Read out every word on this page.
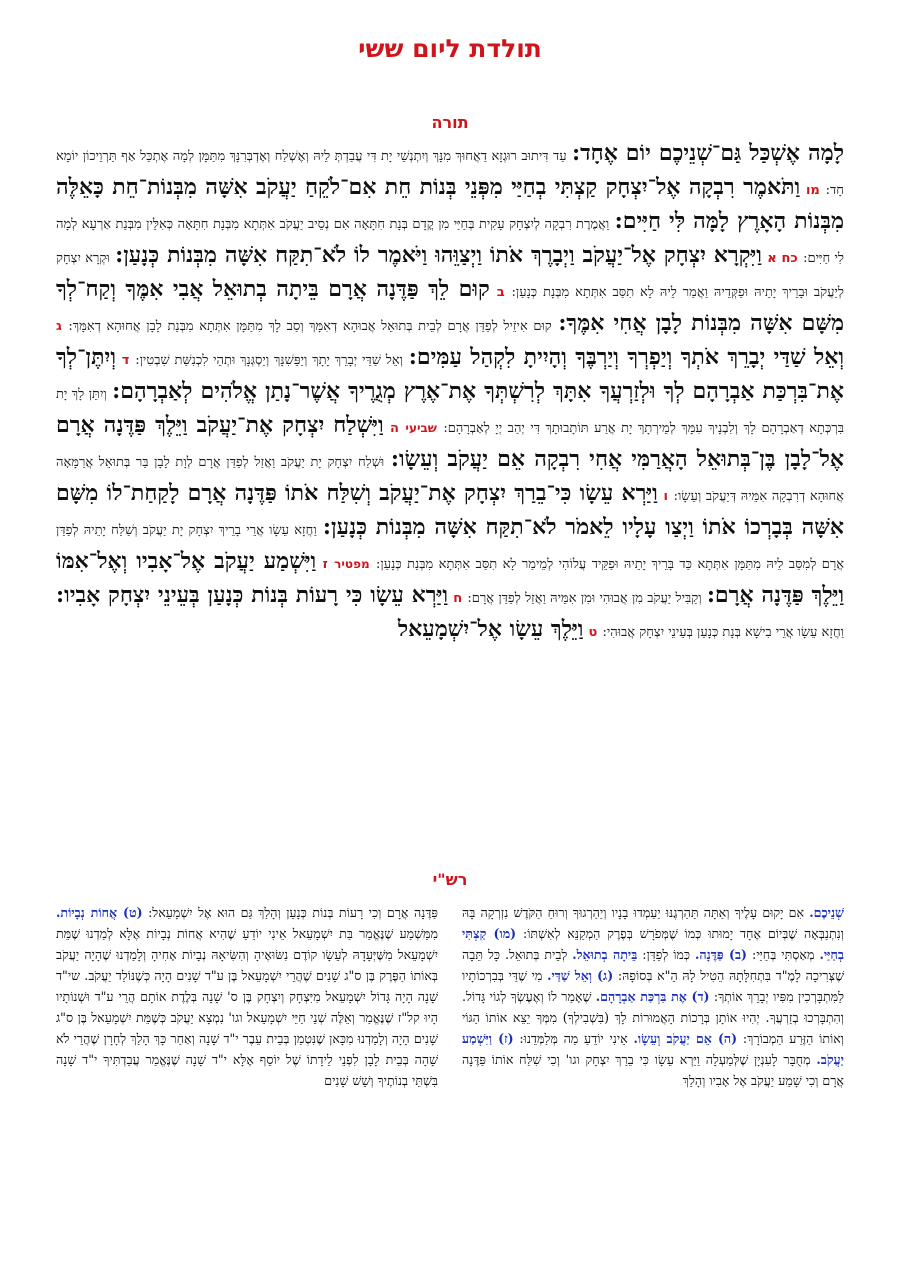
תולדת ליום ששי
תורה

לָמָה אֶשְׁכַּל גַּם־שְׁנֵיכֶם יוֹם אֶחָד: עַד דִּיתוּב רוּגְזָא דַאֲחוּךְ מִנָּךְ וְיִתְנְשֵׁי יָת דִּי עֲבַדְתְּ לֵיהּ וְאֶשְׁלַח וְאֶדְבְּרִנָּךְ מִתַּמָּן לְמָה אֶתְכַּל אַף תַּרְוֵיכוֹן יוֹמָא חָד: מו וַתֹּאמֶר רִבְקָה אֶל־יִצְחָק קַצְתִּי בְחַיַּי מִפְּנֵי בְּנוֹת חֵת אִם־לֹקֵחַ יַעֲקֹב אִשָּׁה מִבְּנוֹת־חֵת כָּאֵלֶּה מִבְּנוֹת הָאָרֶץ לָמָּה לִּי חַיִּים: וַאֲמֶרֶת רִבְקָה לְיִצְחָק עָקִית בְּחַיַּי מִן קֳדָם בְּנָת חִתָּאָה אִם נְסֵיב יַעֲקֹב אִתְּתָא מִבְּנָת חִתָּאָה כְּאִלֵּין מִבְּנַת אַרְעָא לְמָה לִי חַיִּים: כח א וַיִּקְרָא יִצְחָק אֶל־יַעֲקֹב וַיְבָרֶךְ אֹתוֹ וַיְצַוֵּהוּ וַיֹּאמֶר לוֹ לֹא־תִקַּח אִשָּׁה מִבְּנוֹת כְּנָעַן: וּקְרָא יִצְחָק לְיַעֲקֹב וּבָרֵיךְ יָתֵיהּ וּפַקְּדֵיהּ וַאֲמַר לֵיהּ לָא תִסַּב אִתְּתָא מִבְּנָת כְּנָעַן: ב קוּם לֵךְ פַּדֶּנָה אֲרָם בֵּיתָה בְתוּאֵל אֲבִי אִמֶּךָ וְקַח־לְךָ מִשָּׁם אִשָּׁה מִבְּנוֹת לָבָן אֲחִי אִמֶּךָ: קוּם אִיזֵיל לְפַדַּן אֲרָם לְבֵית בְּתוּאֵל אֲבוּהָא דְאִמָּךְ וְסַב לָךְ מִתַּמָּן אִתְּתָא מִבְּנַת לָבָן אֲחוּהָא דְאִמָּךְ: ג וְאֵל שַׁדַּי יְבָרֵךְ אֹתְךָ וְיַפְרְךָ וְיַרְבֶּךָ וְהָיִיתָ לִקְהַל עַמִּים: וְאֵל שַׁדַּי יְבָרֵךְ יָתָךְ וְיַפֵּשִׁנָּךְ וְיַסְגְּנָךְ וּתְהֵי לִכְנִשַּׁת שִׁבְטִין: ד וְיִתֶּן־לְךָ אֶת־בִּרְכַּת אַבְרָהָם לְךָ וּלְזַרְעֲךָ אִתָּךְ לְרִשְׁתְּךָ אֶת־אֶרֶץ מְגֻרֶיךָ אֲשֶׁר־נָתַן אֱלֹהִים לְאַבְרָהָם: וְיִתֵּן לָךְ יָת בִּרְכְּתָא דְאַבְרָהָם לָךְ וְלִבְנָיךְ עִמָּךְ לְמֵירְתָךְ יָת אֲרַע תּוֹתָבוּתָךְ דִּי יְהַב יְיָ לְאַבְרָהָם: שביעי ה וַיִּשְׁלַח יִצְחָק אֶת־יַעֲקֹב וַיֵּלֶךְ פַּדֶּנָה אֲרָם אֶל־לָבָן בֶּן־בְּתוּאֵל הָאֲרַמִּי אֲחִי רִבְקָה אֵם יַעֲקֹב וְעֵשָׂו: וּשְׁלַח יִצְחָק יָת יַעֲקֹב וַאֲזַל לְפַדַּן אֲרָם לְוָת לָבָן בַּר בְּתוּאֵל אֲרַמָּאָה אֲחוּהָא דְרִבְקָה אִמֵּיהּ דְּיַעֲקֹב וְעֵשָׂו: ו וַיַּרְא עֵשָׂו כִּי־בֵרַךְ יִצְחָק אֶת־יַעֲקֹב וְשִׁלַּח אֹתוֹ פַּדֶּנָה אֲרָם לָקַחַת־לוֹ מִשָּׁם אִשָּׁה בְּבָרְכוֹ אֹתוֹ וַיְצַו עָלָיו לֵאמֹר לֹא־תִקַּח אִשָּׁה מִבְּנוֹת כְּנָעַן: וַחֲזָא עֵשָׂו אֲרֵי בָרֵיךְ יִצְחָק יָת יַעֲקֹב וְשַׁלַּח יָתֵיהּ לְפַדַּן אֲרָם לְמִסַּב לֵיהּ מִתַּמָּן אִתְּתָא כַּד בָּרֵיךְ יָתֵיהּ וּפַקֵּיד עֲלוֹהִי לְמֵימַר לָא תִסַּב אִתְּתָא מִבְּנַת כְּנָעַן: מפטיר ז וַיִּשְׁמַע יַעֲקֹב אֶל־אָבִיו וְאֶל־אִמּוֹ וַיֵּלֶךְ פַּדֶּנָה אֲרָם: וְקַבִּיל יַעֲקֹב מִן אֲבוּהִי וּמִן אִמֵּיהּ וַאֲזַל לְפַדַּן אֲרָם: ח וַיַּרְא עֵשָׂו כִּי רָעוֹת בְּנוֹת כְּנָעַן בְּעֵינֵי יִצְחָק אָבִיו: וַחֲזָא עֵשָׂו אֲרֵי בִישָׁא בְּנָת כְּנָעַן בְּעֵינֵי יִצְחָק אֲבוּהִי: ט וַיֵּלֶךְ עֵשָׂו אֶל־יִשְׁמָעֵאל

רש"י

שְׁנֵיכֶם. אִם יָקוּם עָלֶיךָ וְאַתָּה תַּהַרְגֶנּוּ יַעַמְדוּ בָנָיו וְיַהַרְגוּךָ וְרוּחַ הַקֹּדֶשׁ נִזְרְקָה בָּהּ וְנִתְנַבְּאָה שֶׁבְּיוֹם אֶחָד יָמוּתוּ כְּמוֹ שֶׁמְּפֹרָשׁ בְּפֶרֶק הַמְקַנֵּא לְאִשְׁתּוֹ: (מו) קַצְתִּי בְחַיַּי. מְאַסְתִּי בְּחַיַּי: (ב) פַּדֶּנָה. כְּמוֹ לְפַדַּן: בֵּיתָה בְתוּאֵל. לְבֵית בְּתוּאֵל. כָּל תֵּבָה שֶׁצְּרִיכָה לָמֶ"ד בִּתְחִלָּתָהּ הֵטִיל לָהּ הֵ"א בְּסוֹפָהּ: (ג) וְאֵל שַׁדַּי. מִי שֶׁדַּי בְּבִרְכוֹתָיו לַמִּתְבָּרְכִין מִפִּיו יְבָרֵךְ אוֹתְךָ: (ד) אֶת בִּרְכַּת אַבְרָהָם. שֶׁאָמַר לוֹ וְאֶעֶשְׂךָ לְגוֹי גָּדוֹל. וְהִתְבָּרְכוּ בְזַרְעֲךָ. יְהִיוּ אוֹתָן בְּרָכוֹת הָאֲמוּרוֹת לָךְ (בִּשְׁבִילְךָ) מִמְּךָ יֵצֵא אוֹתוֹ הַגּוֹי וְאוֹתוֹ הַזֶּרַע הַמְבוֹרָךְ: (ה) אֵם יַעֲקֹב וְעֵשָׂו. אֵינִי יוֹדֵעַ מַה מְּלַמְּדֵנוּ: (ז) וַיִּשְׁמַע יַעֲקֹב. מְחֻבָּר לָעִנְיָן שֶׁלְּמַעְלָה וַיַּרְא עֵשָׂו כִּי בֵרַךְ יִצְחָק וגו' וְכִי שִׁלַּח אוֹתוֹ פַּדֶּנָה אֲרָם וְכִי שָׁמַע יַעֲקֹב אֶל אָבִיו וְהָלַךְ

פַּדֶּנָה אֲרָם וְכִי רָעוֹת בְּנוֹת כְּנָעַן וְהָלַךְ גַּם הוּא אֶל יִשְׁמָעֵאל: (ט) אֲחוֹת נְבָיוֹת. מִמַּשְׁמַע שֶׁנֶּאֱמַר בַּת יִשְׁמָעֵאל אֵינִי יוֹדֵעַ שֶׁהִיא אֲחוֹת נְבָיוֹת אֶלָּא לְמַדְנוּ שֶׁמֵּת יִשְׁמָעֵאל מִשֶּׁיְּעָדָהּ לְעֵשָׂו קוֹדֶם נִשּׂוּאֶיהָ וְהִשִּׂיאָהּ נְבָיוֹת אָחִיהָ וְלָמַדְנוּ שֶׁהָיָה יַעֲקֹב בְּאוֹתוֹ הַפֶּרֶק בֶּן ס"ג שָׁנִים שֶׁהֲרֵי יִשְׁמָעֵאל בֶּן ע"ד שָׁנִים הָיָה כְּשֶׁנּוֹלַד יַעֲקֹב. שי"ד שָׁנָה הָיָה גָּדוֹל יִשְׁמָעֵאל מִיִּצְחָק וְיִצְחָק בֶּן ס' שָׁנָה בְּלֶדֶת אוֹתָם הֲרֵי ע"ד וּשְׁנוֹתָיו הָיוּ קל"ז שֶׁנֶּאֱמַר וְאֵלֶּה שְׁנֵי חַיֵּי יִשְׁמָעֵאל וגו' נִמְצָא יַעֲקֹב כְּשֶׁמֵּת יִשְׁמָעֵאל בֶּן ס"ג שָׁנִים הָיָה וְלָמַדְנוּ מִכָּאן שֶׁנִּטְמַן בְּבֵית עֵבֶר י"ד שָׁנָה וְאַחַר כָּךְ הָלַךְ לְחָרָן שֶׁהֲרֵי לֹא שָׁהָה בְּבֵית לָבָן לִפְנֵי לֵידָתוֹ שֶׁל יוֹסֵף אֶלָּא י"ד שָׁנָה שֶׁנֶּאֱמַר עֲבַדְתִּיךָ י"ד שָׁנָה בִּשְׁתֵּי בְנוֹתֶיךָ וְשֵׁשׁ שָׁנִים
